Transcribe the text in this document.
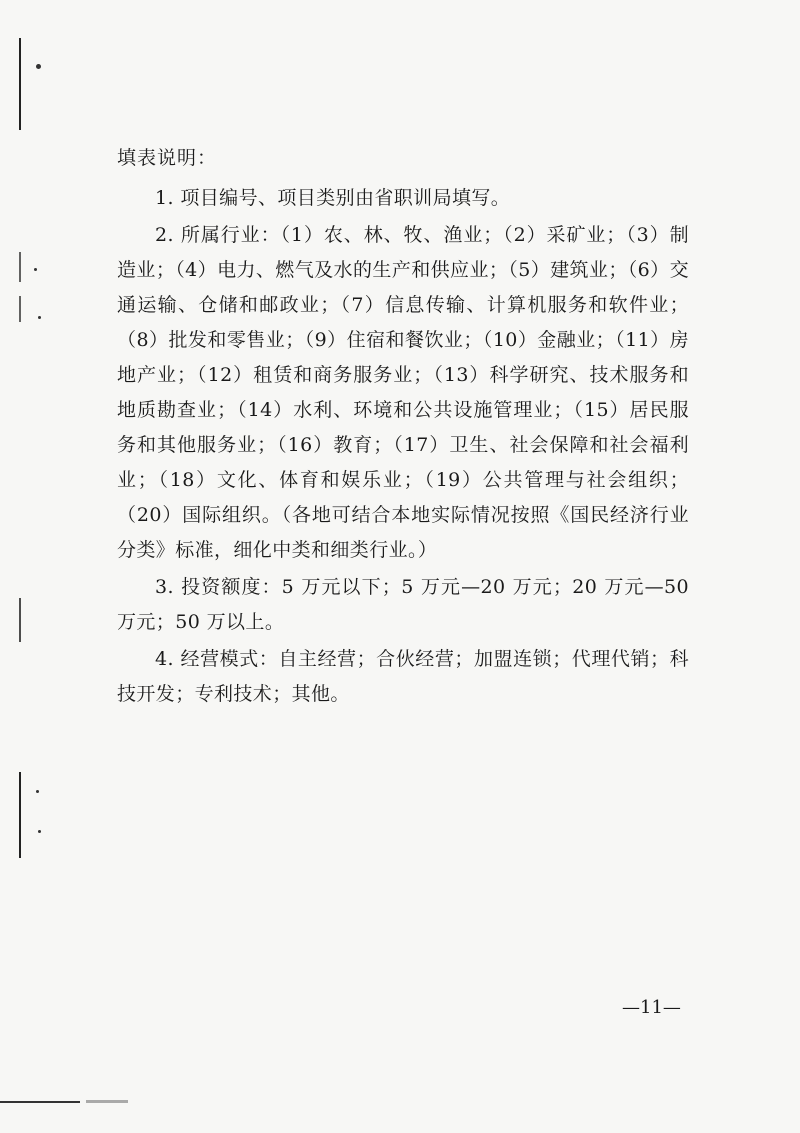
填表说明：

1. 项目编号、项目类别由省职训局填写。

2. 所属行业：（1）农、林、牧、渔业；（2）采矿业；（3）制造业；（4）电力、燃气及水的生产和供应业；（5）建筑业；（6）交通运输、仓储和邮政业；（7）信息传输、计算机服务和软件业；（8）批发和零售业；（9）住宿和餐饮业；（10）金融业；（11）房地产业；（12）租赁和商务服务业；（13）科学研究、技术服务和地质勘查业；（14）水利、环境和公共设施管理业；（15）居民服务和其他服务业；（16）教育；（17）卫生、社会保障和社会福利业；（18）文化、体育和娱乐业；（19）公共管理与社会组织；（20）国际组织。（各地可结合本地实际情况按照《国民经济行业分类》标准，细化中类和细类行业。）

3. 投资额度：5 万元以下；5 万元—20 万元；20 万元—50 万元；50 万以上。

4. 经营模式：自主经营；合伙经营；加盟连锁；代理代销；科技开发；专利技术；其他。

—11—
